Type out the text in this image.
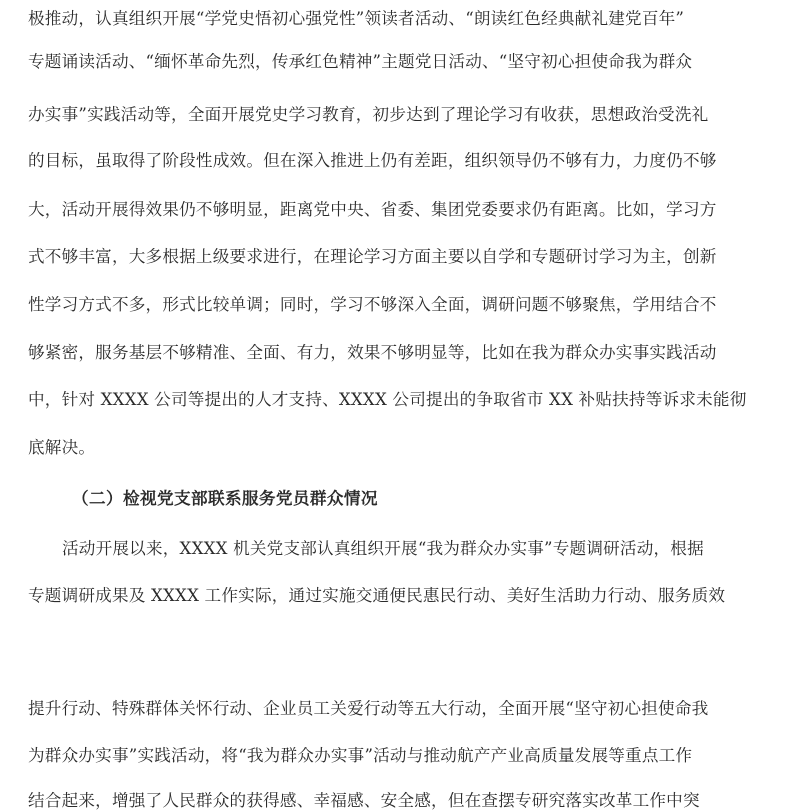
极推动，认真组织开展“学党史悟初心强党性”领读者活动、“朗读红色经典献礼建党百年”
专题诵读活动、“缅怀革命先烈，传承红色精神”主题党日活动、“坚守初心担使命我为群众
办实事”实践活动等，全面开展党史学习教育，初步达到了理论学习有收获，思想政治受洗礼
的目标，虽取得了阶段性成效。但在深入推进上仍有差距，组织领导仍不够有力，力度仍不够
大，活动开展得效果仍不够明显，距离党中央、省委、集团党委要求仍有距离。比如，学习方
式不够丰富，大多根据上级要求进行，在理论学习方面主要以自学和专题研讨学习为主，创新
性学习方式不多，形式比较单调；同时，学习不够深入全面，调研问题不够聚焦，学用结合不
够紧密，服务基层不够精准、全面、有力，效果不够明显等，比如在我为群众办实事实践活动
中，针对 XXXX 公司等提出的人才支持、XXXX 公司提出的争取省市 XX 补贴扶持等诉求未能彻
底解决。
（二）检视党支部联系服务党员群众情况
活动开展以来，XXXX 机关党支部认真组织开展“我为群众办实事”专题调研活动，根据
专题调研成果及 XXXX 工作实际，通过实施交通便民惠民行动、美好生活助力行动、服务质效
提升行动、特殊群体关怀行动、企业员工关爱行动等五大行动，全面开展“坚守初心担使命我
为群众办实事”实践活动，将“我为群众办实事”活动与推动航产产业高质量发展等重点工作
结合起来，增强了人民群众的获得感、幸福感、安全感，但在查摆专研究落实改革工作中突
